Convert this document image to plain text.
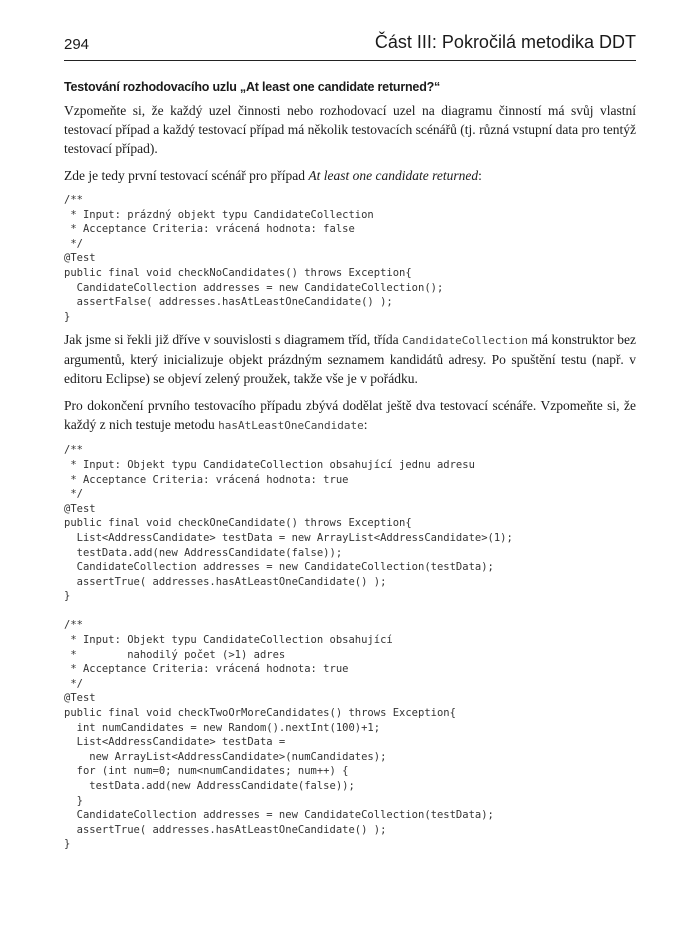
294	Část III: Pokročilá metodika DDT
Testování rozhodovacího uzlu „At least one candidate returned?“

Vzpomeňte si, že každý uzel činnosti nebo rozhodovací uzel na diagramu činností má svůj vlastní testovací případ a každý testovací případ má několik testovacích scénářů (tj. různá vstupní data pro tentýž testovací případ).

Zde je tedy první testovací scénář pro případ At least one candidate returned:

/**
* Input: prázdný objekt typu CandidateCollection
* Acceptance Criteria: vrácená hodnota: false
*/
@Test
public final void checkNoCandidates() throws Exception{
CandidateCollection addresses = new CandidateCollection();
assertFalse( addresses.hasAtLeastOneCandidate() );
}

Jak jsme si řekli již dříve v souvislosti s diagramem tříd, třída CandidateCollection má konstruktor bez argumentů, který inicializuje objekt prázdným seznamem kandidátů adresy. Po spuštění testu (např. v editoru Eclipse) se objeví zelený proužek, takže vše je v pořádku.

Pro dokončení prvního testovacího případu zbývá dodělat ještě dva testovací scénáře. Vzpomeňte si, že každý z nich testuje metodu hasAtLeastOneCandidate:

/**
* Input: Objekt typu CandidateCollection obsahující jednu adresu
* Acceptance Criteria: vrácená hodnota: true
*/
@Test
public final void checkOneCandidate() throws Exception{
List<AddressCandidate> testData = new ArrayList<AddressCandidate>(1);
testData.add(new AddressCandidate(false));
CandidateCollection addresses = new CandidateCollection(testData);
assertTrue( addresses.hasAtLeastOneCandidate() );
}

/**
* Input: Objekt typu CandidateCollection obsahující
*        nahodilý počet (>1) adres
* Acceptance Criteria: vrácená hodnota: true
*/
@Test
public final void checkTwoOrMoreCandidates() throws Exception{
int numCandidates = new Random().nextInt(100)+1;
List<AddressCandidate> testData =
new ArrayList<AddressCandidate>(numCandidates);
for (int num=0; num<numCandidates; num++) {
testData.add(new AddressCandidate(false));
}
CandidateCollection addresses = new CandidateCollection(testData);
assertTrue( addresses.hasAtLeastOneCandidate() );
}
